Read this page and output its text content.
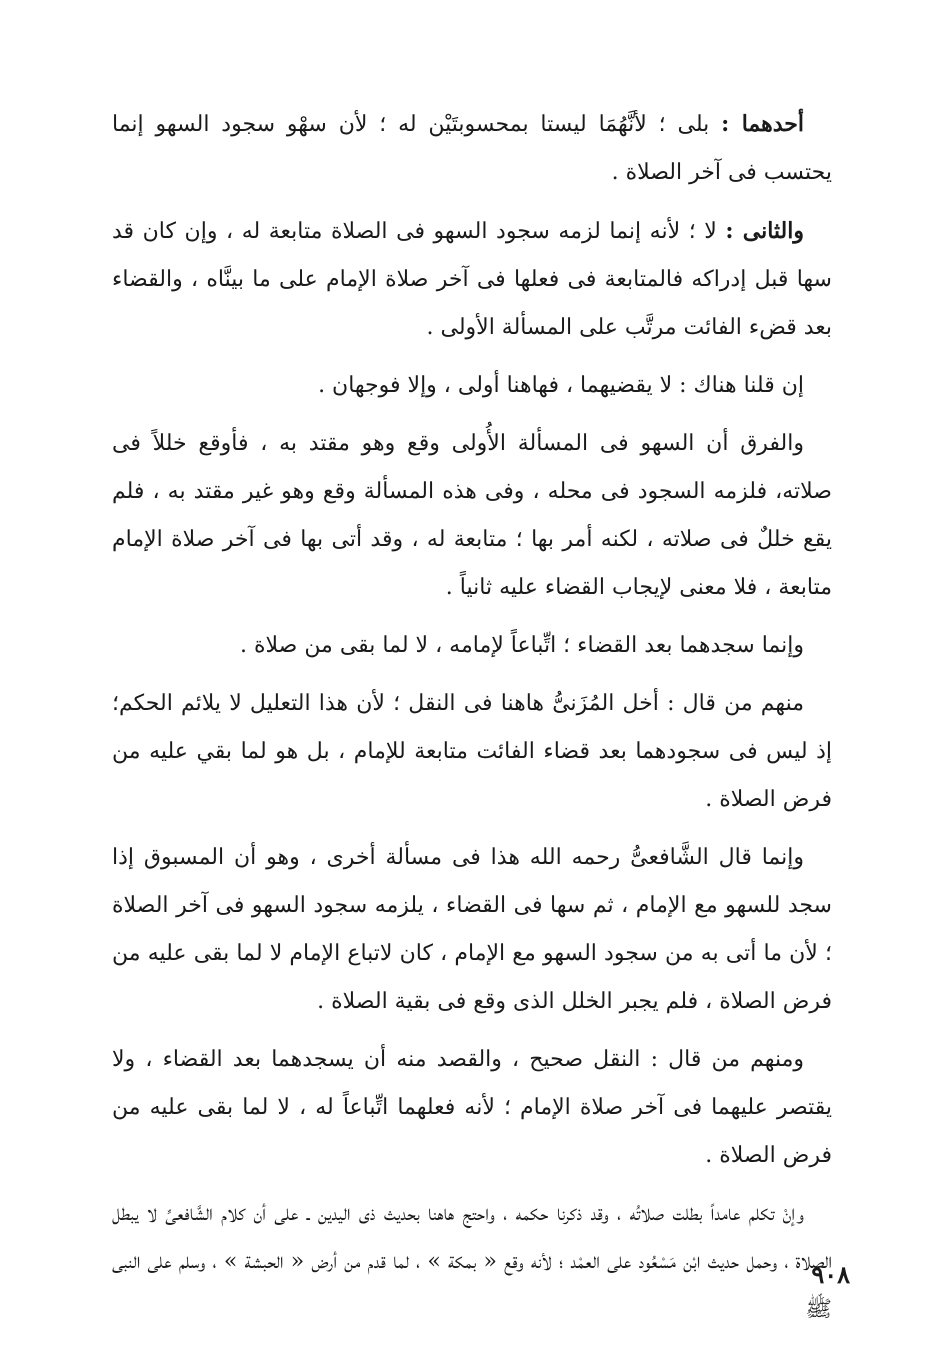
أحدهما : بلى ؛ لأنَّهُمَا ليستا بمحسوبتَيْن له ؛ لأن سهْو سجود السهو إنما يحتسب فى آخر الصلاة .

والثانى : لا ؛ لأنه إنما لزمه سجود السهو فى الصلاة متابعة له ، وإن كان قد سها قبل إدراكه فالمتابعة فى فعلها فى آخر صلاة الإمام على ما بينَّاه ، والقضاء بعد قضء الفائت مرتَّب على المسألة الأولى .

إن قلنا هناك : لا يقضيهما ، فهاهنا أولى ، وإلا فوجهان .

والفرق أن السهو فى المسألة الأُولى وقع وهو مقتد به ، فأوقع خللاً فى صلاته، فلزمه السجود فى محله ، وفى هذه المسألة وقع وهو غير مقتد به ، فلم يقع خللٌ فى صلاته ، لكنه أمر بها ؛ متابعة له ، وقد أتى بها فى آخر صلاة الإمام متابعة ، فلا معنى لإيجاب القضاء عليه ثانياً .

وإنما سجدهما بعد القضاء ؛ اتِّباعاً لإمامه ، لا لما بقى من صلاة .

منهم من قال : أخل المُزَنىُّ هاهنا فى النقل ؛ لأن هذا التعليل لا يلائم الحكم؛ إذ ليس فى سجودهما بعد قضاء الفائت متابعة للإمام ، بل هو لما بقي عليه من فرض الصلاة .

وإنما قال الشَّافعىُّ رحمه الله هذا فى مسألة أخرى ، وهو أن المسبوق إذا سجد للسهو مع الإمام ، ثم سها فى القضاء ، يلزمه سجود السهو فى آخر الصلاة ؛ لأن ما أتى به من سجود السهو مع الإمام ، كان لاتباع الإمام لا لما بقى عليه من فرض الصلاة ، فلم يجبر الخلل الذى وقع فى بقية الصلاة .

ومنهم من قال : النقل صحيح ، والقصد منه أن يسجدهما بعد القضاء ، ولا يقتصر عليهما فى آخر صلاة الإمام ؛ لأنه فعلهما اتِّباعاً له ، لا لما بقى عليه من فرض الصلاة .

وإنْ تكلم عامداً بطلت صلاتُه ، وقد ذكرنا حكمه ، واحتج هاهنا بحديث ذى اليدين ـ على أن كلام الشَّافعىِّ لا يبطل الصلاة ، وحمل حديث ابْن مَسْعُود على العمْد ؛ لأنه وقع « بمكة » ، لما قدم من أرض « الحبشة » ، وسلم على النبى ﷺ

٩٠٨
